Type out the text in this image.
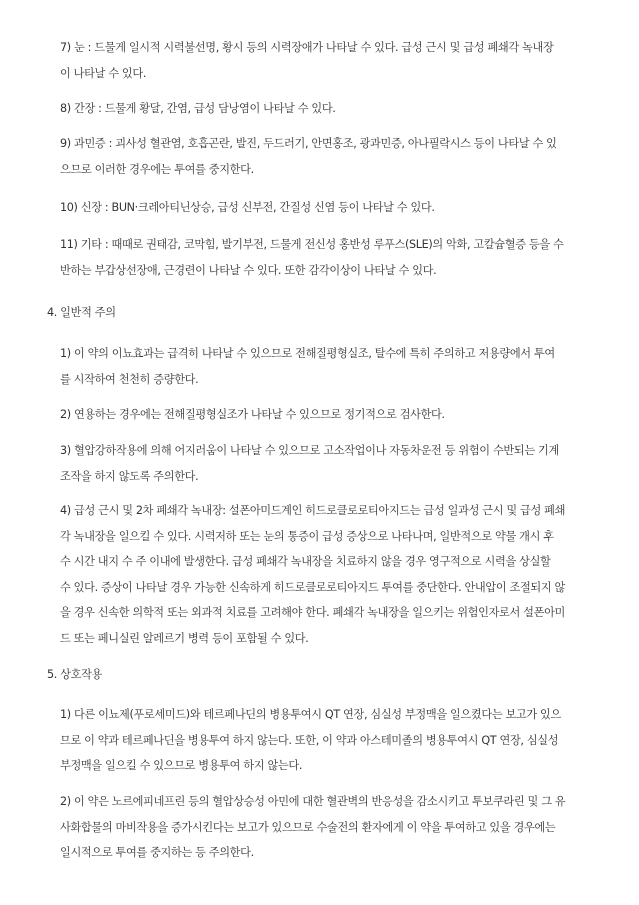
7) 눈 : 드물게 일시적 시력불선명, 황시 등의 시력장애가 나타날 수 있다. 급성 근시 및 급성 폐쇄각 녹내장
이 나타날 수 있다.

8) 간장 : 드물게 황달, 간염, 급성 담낭염이 나타날 수 있다.

9) 과민증 : 괴사성 혈관염, 호흡곤란, 발진, 두드러기, 안면홍조, 광과민증, 아나필락시스 등이 나타날 수 있
으므로 이러한 경우에는 투여를 중지한다.

10) 신장 : BUN·크레아티닌상승, 급성 신부전, 간질성 신염 등이 나타날 수 있다.

11) 기타 : 때때로 권태감, 코막힘, 발기부전, 드물게 전신성 홍반성 루푸스(SLE)의 악화, 고칼슘혈증 등을 수
반하는 부갑상선장애, 근경련이 나타날 수 있다. 또한 감각이상이 나타날 수 있다.

4. 일반적 주의

1) 이 약의 이뇨효과는 급격히 나타날 수 있으므로 전해질평형실조, 탈수에 특히 주의하고 저용량에서 투여
를 시작하여 천천히 증량한다.

2) 연용하는 경우에는 전해질평형실조가 나타날 수 있으므로 정기적으로 검사한다.

3) 혈압강하작용에 의해 어지러움이 나타날 수 있으므로 고소작업이나 자동차운전 등 위험이 수반되는 기계
조작을 하지 않도록 주의한다.

4) 급성 근시 및 2차 폐쇄각 녹내장: 설폰아미드계인 히드로클로로티아지드는 급성 일과성 근시 및 급성 폐쇄
각 녹내장을 일으킬 수 있다. 시력저하 또는 눈의 통증이 급성 증상으로 나타나며, 일반적으로 약물 개시 후
수 시간 내지 수 주 이내에 발생한다. 급성 폐쇄각 녹내장을 치료하지 않을 경우 영구적으로 시력을 상실할
수 있다. 증상이 나타날 경우 가능한 신속하게 히드로클로로티아지드 투여를 중단한다. 안내압이 조절되지 않
을 경우 신속한 의학적 또는 외과적 치료를 고려해야 한다. 폐쇄각 녹내장을 일으키는 위험인자로서 설폰아미
드 또는 페니실린 알레르기 병력 등이 포함될 수 있다.

5. 상호작용

1) 다른 이뇨제(푸로세미드)와 테르페나딘의 병용투여시 QT 연장, 심실성 부정맥을 일으켰다는 보고가 있으
므로 이 약과 테르페나딘을 병용투여 하지 않는다. 또한, 이 약과 아스테미졸의 병용투여시 QT 연장, 심실성
부정맥을 일으킬 수 있으므로 병용투여 하지 않는다.

2) 이 약은 노르에피네프린 등의 혈압상승성 아민에 대한 혈관벽의 반응성을 감소시키고 투보쿠라린 및 그 유
사화합물의 마비작용을 증가시킨다는 보고가 있으므로 수술전의 환자에게 이 약을 투여하고 있을 경우에는
일시적으로 투여를 중지하는 등 주의한다.
